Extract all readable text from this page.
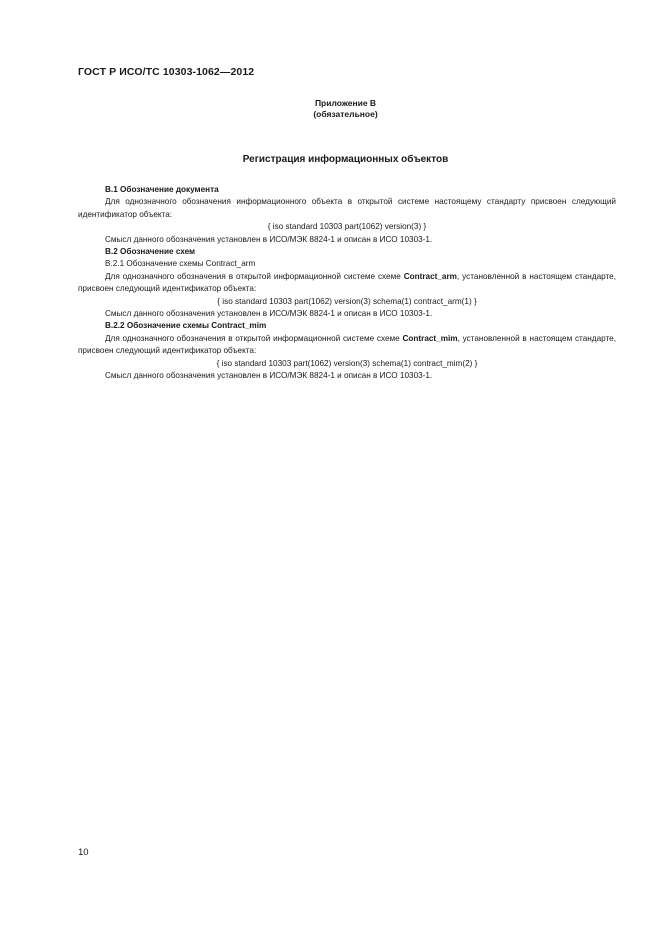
ГОСТ Р ИСО/ТС 10303-1062—2012
Приложение В
(обязательное)
Регистрация информационных объектов

В.1 Обозначение документа

Для однозначного обозначения информационного объекта в открытой системе настоящему стандарту присвоен следующий идентификатор объекта:

{ iso standard 10303 part(1062) version(3) }

Смысл данного обозначения установлен в ИСО/МЭК 8824-1 и описан в ИСО 10303-1.

В.2 Обозначение схем

В.2.1 Обозначение схемы Contract_arm

Для однозначного обозначения в открытой информационной системе схеме Contract_arm, установленной в настоящем стандарте, присвоен следующий идентификатор объекта:

{ iso standard 10303 part(1062) version(3) schema(1) contract_arm(1) }

Смысл данного обозначения установлен в ИСО/МЭК 8824-1 и описан в ИСО 10303-1.

В.2.2 Обозначение схемы Contract_mim

Для однозначного обозначения в открытой информационной системе схеме Contract_mim, установленной в настоящем стандарте, присвоен следующий идентификатор объекта:

{ iso standard 10303 part(1062) version(3) schema(1) contract_mim(2) }

Смысл данного обозначения установлен в ИСО/МЭК 8824-1 и описан в ИСО 10303-1.

10
